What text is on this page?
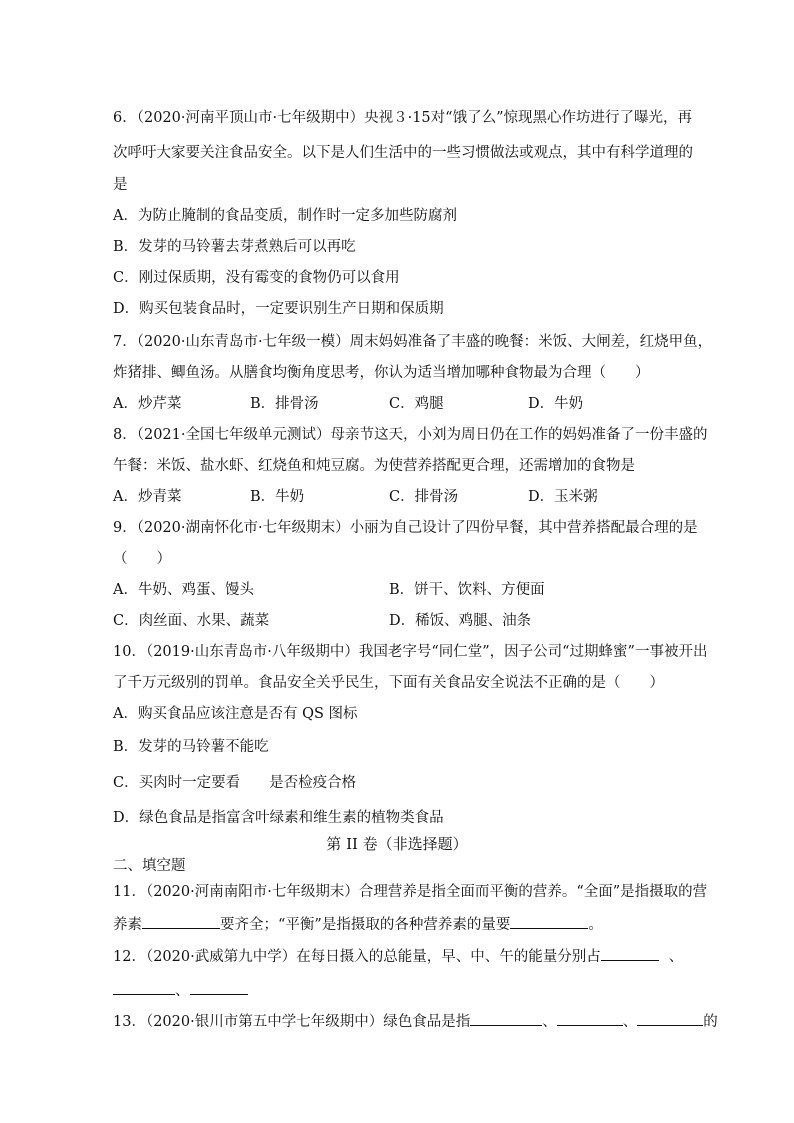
6．（2020·河南平顶山市·七年级期中）央视３·15对“饿了么”惊现黑心作坊进行了曝光，再
次呼吁大家要关注食品安全。以下是人们生活中的一些习惯做法或观点，其中有科学道理的
是
A．为防止腌制的食品变质，制作时一定多加些防腐剂
B．发芽的马铃薯去芽煮熟后可以再吃
C．刚过保质期，没有霉变的食物仍可以食用
D．购买包装食品时，一定要识别生产日期和保质期
7．（2020·山东青岛市·七年级一模）周末妈妈准备了丰盛的晚餐：米饭、大闸差，红烧甲鱼，
炸猪排、鲫鱼汤。从膳食均衡角度思考，你认为适当增加哪种食物最为合理（　　）
A．炒芹菜	B．排骨汤	C．鸡腿	D．牛奶
8．（2021·全国七年级单元测试）母亲节这天，小刘为周日仍在工作的妈妈准备了一份丰盛的
午餐：米饭、盐水虾、红烧鱼和炖豆腐。为使营养搭配更合理，还需增加的食物是
A．炒青菜	B．牛奶	C．排骨汤	D．玉米粥
9．（2020·湖南怀化市·七年级期末）小丽为自己设计了四份早餐，其中营养搭配最合理的是
（　　）
A．牛奶、鸡蛋、馒头	B．饼干、饮料、方便面
C．肉丝面、水果、蔬菜	D．稀饭、鸡腿、油条
10．（2019·山东青岛市·八年级期中）我国老字号“同仁堂”，因子公司“过期蜂蜜”一事被开出
了千万元级别的罚单。食品安全关乎民生，下面有关食品安全说法不正确的是（　　）
A．购买食品应该注意是否有 QS 图标
B．发芽的马铃薯不能吃
C．买肉时一定要看　　是否检疫合格
D．绿色食品是指富含叶绿素和维生素的植物类食品
第 II 卷（非选择题）
二、填空题
11．（2020·河南南阳市·七年级期末）合理营养是指全面而平衡的营养。“全面”是指摄取的营
养素	要齐全；“平衡”是指摄取的各种营养素的量要	。
12．（2020·武威第九中学）在每日摄入的总能量，早、中、午的能量分别占	、
、
13．（2020·银川市第五中学七年级期中）绿色食品是指	、	、	的
